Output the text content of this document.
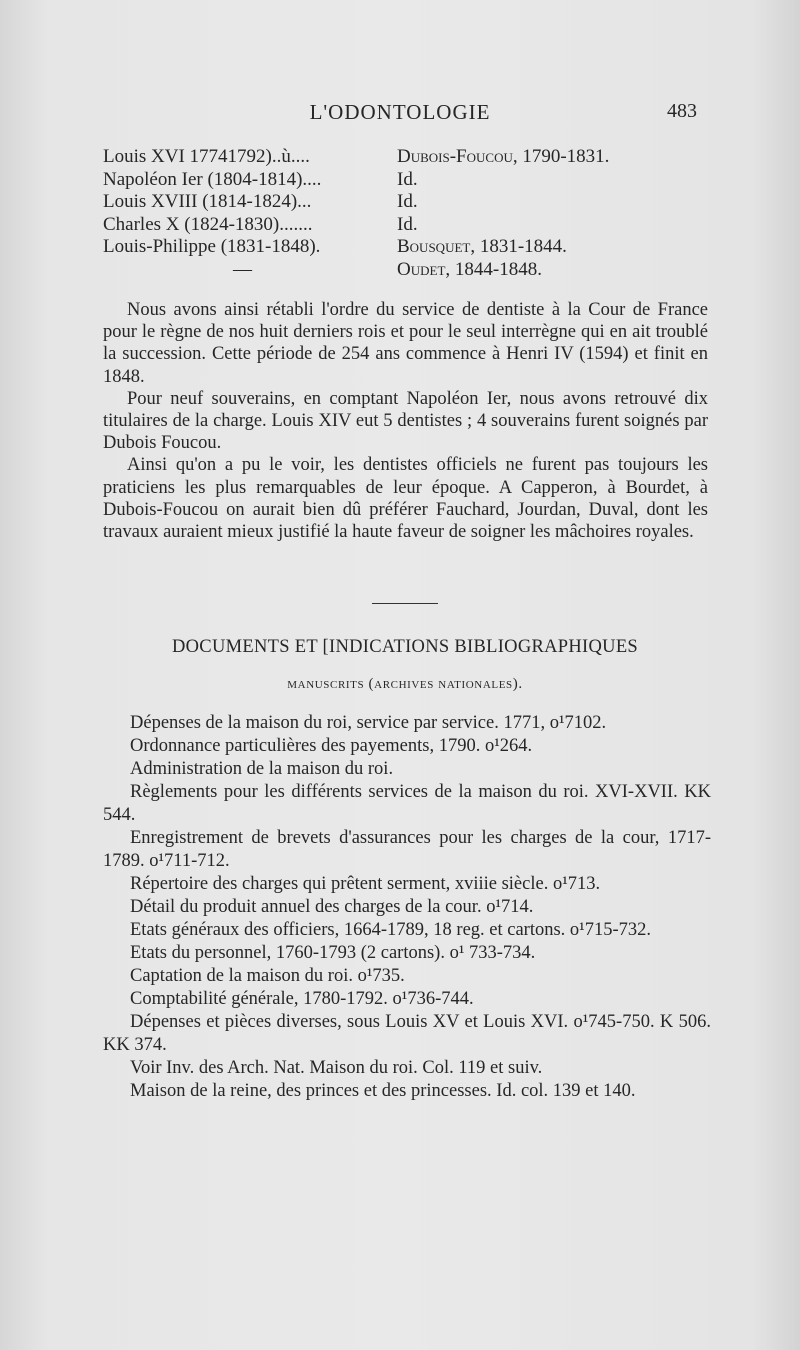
L'ODONTOLOGIE	483
Louis XVI 17741792)..ù....	Dubois-Foucou, 1790-1831.
Napoléon Ier (1804-1814)....	Id.
Louis XVIII (1814-1824)...	Id.
Charles X (1824-1830).......	Id.
Louis-Philippe (1831-1848).	Bousquet, 1831-1844.
—	Oudet, 1844-1848.

Nous avons ainsi rétabli l'ordre du service de dentiste à la Cour de France pour le règne de nos huit derniers rois et pour le seul interrègne qui en ait troublé la succession. Cette période de 254 ans commence à Henri IV (1594) et finit en 1848.

Pour neuf souverains, en comptant Napoléon Ier, nous avons retrouvé dix titulaires de la charge. Louis XIV eut 5 dentistes ; 4 souverains furent soignés par Dubois Foucou.

Ainsi qu'on a pu le voir, les dentistes officiels ne furent pas toujours les praticiens les plus remarquables de leur époque. A Capperon, à Bourdet, à Dubois-Foucou on aurait bien dû préférer Fauchard, Jourdan, Duval, dont les travaux auraient mieux justifié la haute faveur de soigner les mâchoires royales.

DOCUMENTS ET [INDICATIONS BIBLIOGRAPHIQUES
manuscrits (archives nationales).

Dépenses de la maison du roi, service par service. 1771, o¹7102.

Ordonnance particulières des payements, 1790. o¹264.

Administration de la maison du roi.

Règlements pour les différents services de la maison du roi. XVI-XVII. KK 544.

Enregistrement de brevets d'assurances pour les charges de la cour, 1717-1789. o¹711-712.

Répertoire des charges qui prêtent serment, xviiie siècle. o¹713.

Détail du produit annuel des charges de la cour. o¹714.

Etats généraux des officiers, 1664-1789, 18 reg. et cartons. o¹715-732.

Etats du personnel, 1760-1793 (2 cartons). o¹ 733-734.

Captation de la maison du roi. o¹735.

Comptabilité générale, 1780-1792. o¹736-744.

Dépenses et pièces diverses, sous Louis XV et Louis XVI. o¹745-750. K 506. KK 374.

Voir Inv. des Arch. Nat. Maison du roi. Col. 119 et suiv.

Maison de la reine, des princes et des princesses. Id. col. 139 et 140.
